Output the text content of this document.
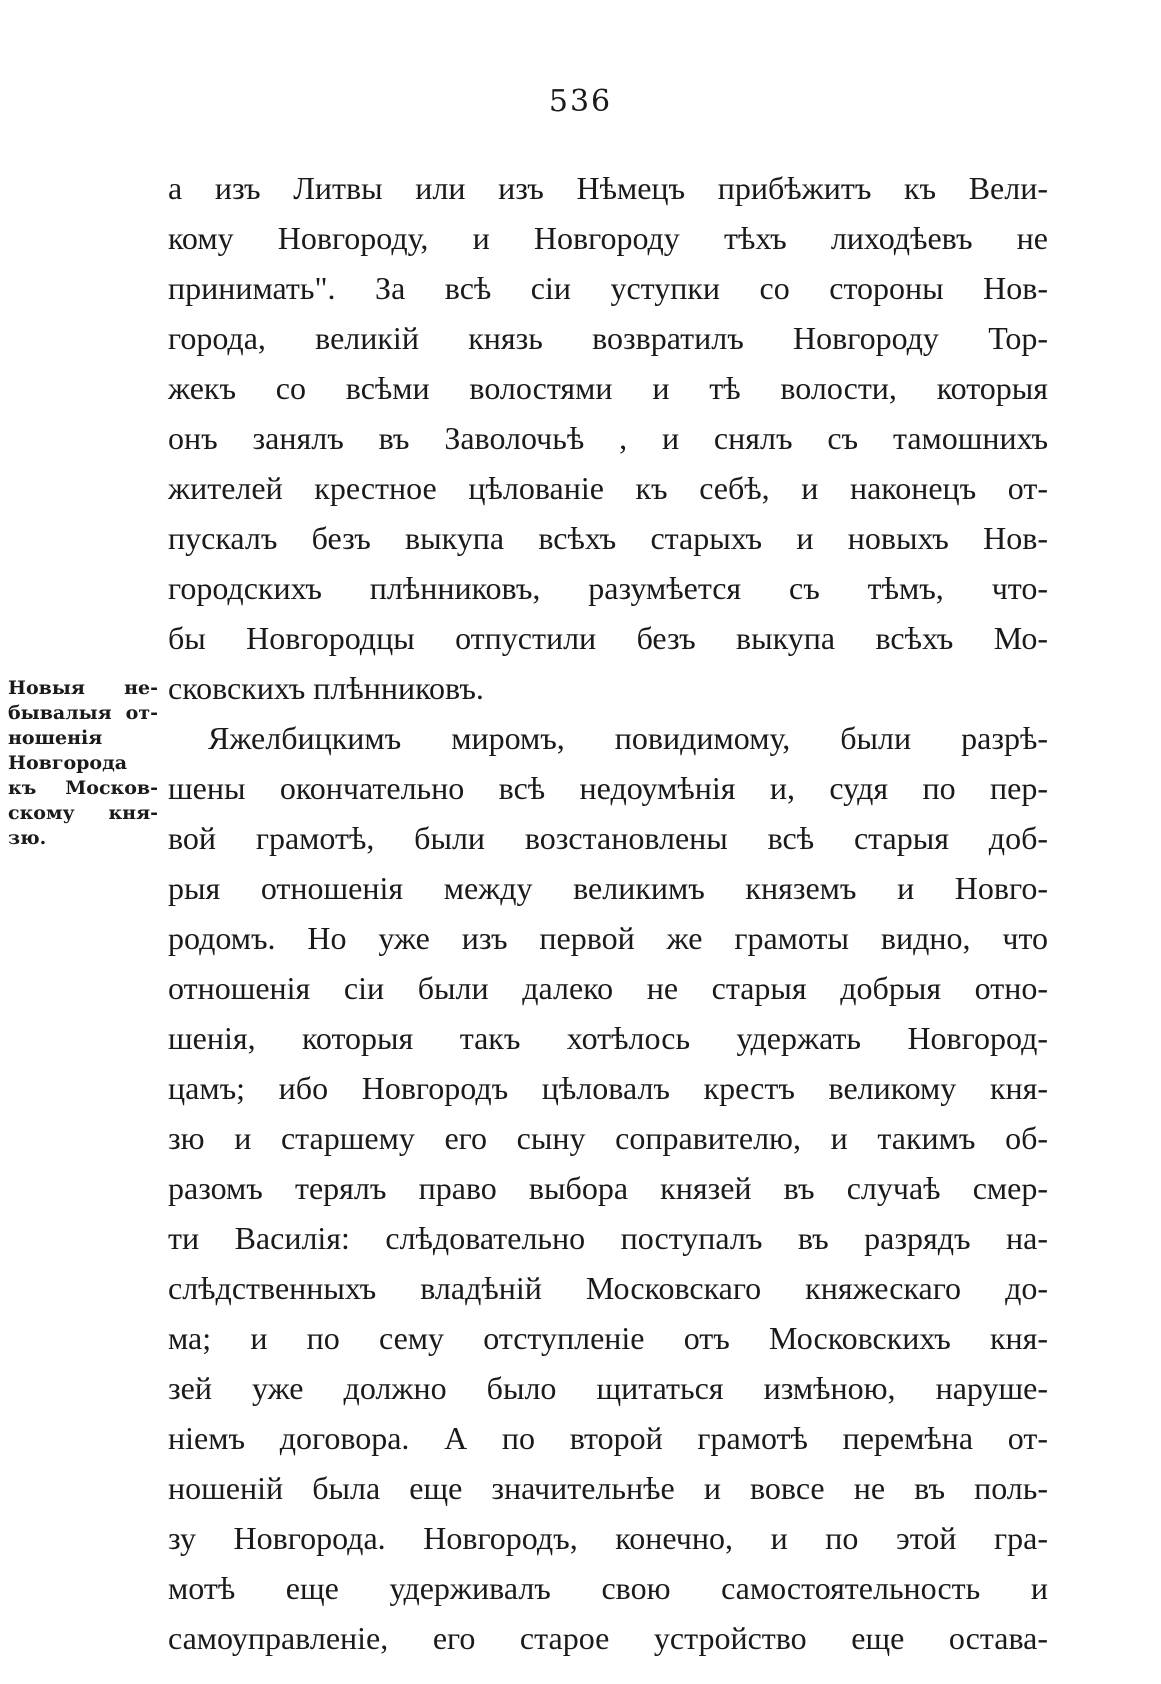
536
Новыя не-
бывалыя от-
ношенія
Новгорода
къ Москов-
скому кня-
зю.
а изъ Литвы или изъ Нѣмецъ прибѣжитъ къ Вели-
кому Новгороду, и Новгороду тѣхъ лиходѣевъ не
принимать". За всѣ сіи уступки со стороны Нов-
города, великій князь возвратилъ Новгороду Тор-
жекъ со всѣми волостями и тѣ волости, которыя
онъ занялъ въ Заволочьѣ , и снялъ съ тамошнихъ
жителей крестное цѣлованіе къ себѣ, и наконецъ от-
пускалъ безъ выкупа всѣхъ старыхъ и новыхъ Нов-
городскихъ плѣнниковъ, разумѣется съ тѣмъ, что-
бы Новгородцы отпустили безъ выкупа всѣхъ Мо-
сковскихъ плѣнниковъ.
Яжелбицкимъ миромъ, повидимому, были разрѣ-
шены окончательно всѣ недоумѣнія и, судя по пер-
вой грамотѣ, были возстановлены всѣ старыя доб-
рыя отношенія между великимъ княземъ и Новго-
родомъ. Но уже изъ первой же грамоты видно, что
отношенія сіи были далеко не старыя добрыя отно-
шенія, которыя такъ хотѣлось удержать Новгород-
цамъ; ибо Новгородъ цѣловалъ крестъ великому кня-
зю и старшему его сыну соправителю, и такимъ об-
разомъ терялъ право выбора князей въ случаѣ смер-
ти Василія: слѣдовательно поступалъ въ разрядъ на-
слѣдственныхъ владѣній Московскаго княжескаго до-
ма; и по сему отступленіе отъ Московскихъ кня-
зей уже должно было щитаться измѣною, наруше-
ніемъ договора. А по второй грамотѣ перемѣна от-
ношеній была еще значительнѣе и вовсе не въ поль-
зу Новгорода. Новгородъ, конечно, и по этой гра-
мотѣ еще удерживалъ свою самостоятельность и
самоуправленіе, его старое устройство еще остава-
